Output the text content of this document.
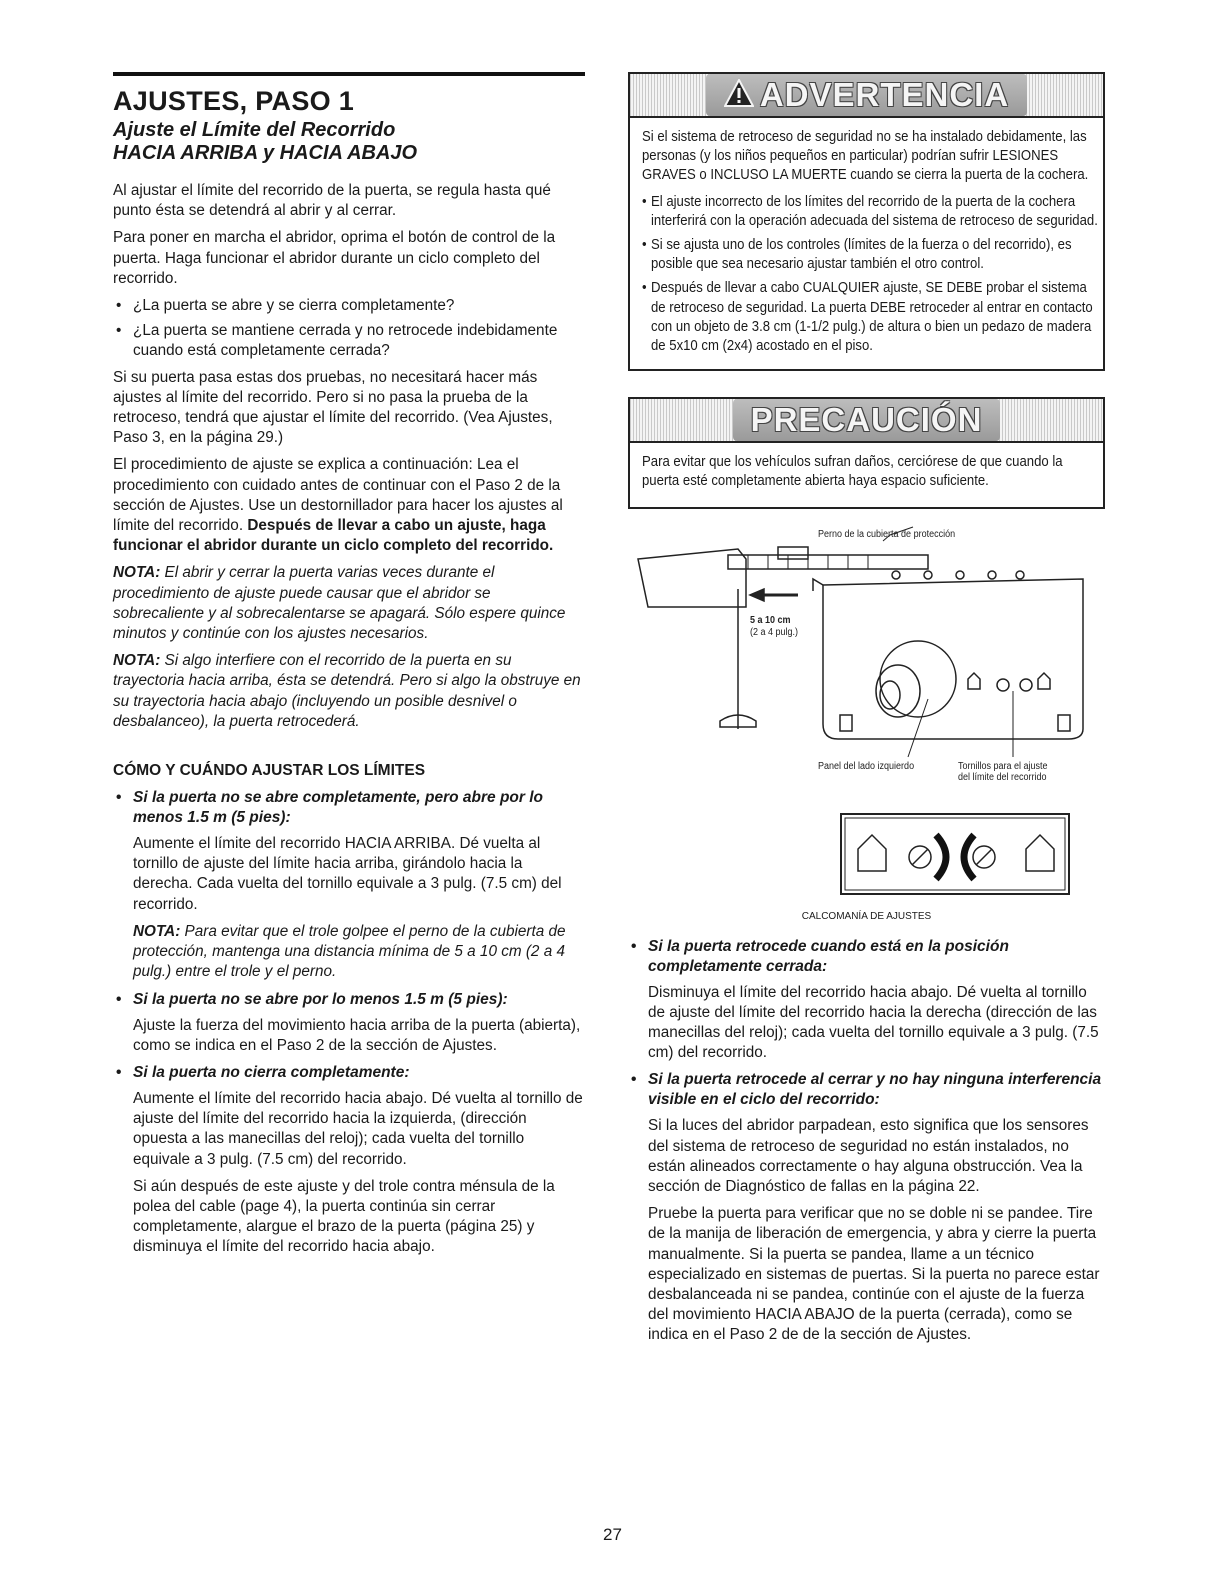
AJUSTES, PASO 1
Ajuste el Límite del Recorrido
HACIA ARRIBA y HACIA ABAJO

Al ajustar el límite del recorrido de la puerta, se regula hasta qué punto ésta se detendrá al abrir y al cerrar.

Para poner en marcha el abridor, oprima el botón de control de la puerta. Haga funcionar el abridor durante un ciclo completo del recorrido.

• ¿La puerta se abre y se cierra completamente?
• ¿La puerta se mantiene cerrada y no retrocede indebidamente cuando está completamente cerrada?

Si su puerta pasa estas dos pruebas, no necesitará hacer más ajustes al límite del recorrido. Pero si no pasa la prueba de la retroceso, tendrá que ajustar el límite del recorrido. (Vea Ajustes, Paso 3, en la página 29.)

El procedimiento de ajuste se explica a continuación: Lea el procedimiento con cuidado antes de continuar con el Paso 2 de la sección de Ajustes. Use un destornillador para hacer los ajustes al límite del recorrido. Después de llevar a cabo un ajuste, haga funcionar el abridor durante un ciclo completo del recorrido.

NOTA: El abrir y cerrar la puerta varias veces durante el procedimiento de ajuste puede causar que el abridor se sobrecaliente y al sobrecalentarse se apagará. Sólo espere quince minutos y continúe con los ajustes necesarios.

NOTA: Si algo interfiere con el recorrido de la puerta en su trayectoria hacia arriba, ésta se detendrá. Pero si algo la obstruye en su trayectoria hacia abajo (incluyendo un posible desnivel o desbalanceo), la puerta retrocederá.

CÓMO Y CUÁNDO AJUSTAR LOS LÍMITES
• Si la puerta no se abre completamente, pero abre por lo menos 1.5 m (5 pies):

Aumente el límite del recorrido HACIA ARRIBA. Dé vuelta al tornillo de ajuste del límite hacia arriba, girándolo hacia la derecha. Cada vuelta del tornillo equivale a 3 pulg. (7.5 cm) del recorrido.

NOTA: Para evitar que el trole golpee el perno de la cubierta de protección, mantenga una distancia mínima de 5 a 10 cm (2 a 4 pulg.) entre el trole y el perno.

• Si la puerta no se abre por lo menos 1.5 m (5 pies):

Ajuste la fuerza del movimiento hacia arriba de la puerta (abierta), como se indica en el Paso 2 de la sección de Ajustes.

• Si la puerta no cierra completamente:

Aumente el límite del recorrido hacia abajo. Dé vuelta al tornillo de ajuste del límite del recorrido hacia la izquierda, (dirección opuesta a las manecillas del reloj); cada vuelta del tornillo equivale a 3 pulg. (7.5 cm) del recorrido.

Si aún después de este ajuste y del trole contra ménsula de la polea del cable (page 4), la puerta continúa sin cerrar completamente, alargue el brazo de la puerta (página 25) y disminuya el límite del recorrido hacia abajo.

ADVERTENCIA

Si el sistema de retroceso de seguridad no se ha instalado debidamente, las personas (y los niños pequeños en particular) podrían sufrir LESIONES GRAVES o INCLUSO LA MUERTE cuando se cierra la puerta de la cochera.

• El ajuste incorrecto de los límites del recorrido de la puerta de la cochera interferirá con la operación adecuada del sistema de retroceso de seguridad.
• Si se ajusta uno de los controles (límites de la fuerza o del recorrido), es posible que sea necesario ajustar también el otro control.
• Después de llevar a cabo CUALQUIER ajuste, SE DEBE probar el sistema de retroceso de seguridad. La puerta DEBE retroceder al entrar en contacto con un objeto de 3.8 cm (1-1/2 pulg.) de altura o bien un pedazo de madera de 5x10 cm (2x4) acostado en el piso.
PRECAUCIÓN

Para evitar que los vehículos sufran daños, cerciórese de que cuando la puerta esté completamente abierta haya espacio suficiente.

Perno de la cubierta de protección
5 a 10 cm
(2 a 4 pulg.)
Panel del lado izquierdo	Tornillos para el ajuste
del límite del recorrido
CALCOMANÍA DE AJUSTES
• Si la puerta retrocede cuando está en la posición completamente cerrada:

Disminuya el límite del recorrido hacia abajo. Dé vuelta al tornillo de ajuste del límite del recorrido hacia la derecha (dirección de las manecillas del reloj); cada vuelta del tornillo equivale a 3 pulg. (7.5 cm) del recorrido.

• Si la puerta retrocede al cerrar y no hay ninguna interferencia visible en el ciclo del recorrido:

Si la luces del abridor parpadean, esto significa que los sensores del sistema de retroceso de seguridad no están instalados, no están alineados correctamente o hay alguna obstrucción. Vea la sección de Diagnóstico de fallas en la página 22.

Pruebe la puerta para verificar que no se doble ni se pandee. Tire de la manija de liberación de emergencia, y abra y cierre la puerta manualmente. Si la puerta se pandea, llame a un técnico especializado en sistemas de puertas. Si la puerta no parece estar desbalanceada ni se pandea, continúe con el ajuste de la fuerza del movimiento HACIA ABAJO de la puerta (cerrada), como se indica en el Paso 2 de de la sección de Ajustes.

27
